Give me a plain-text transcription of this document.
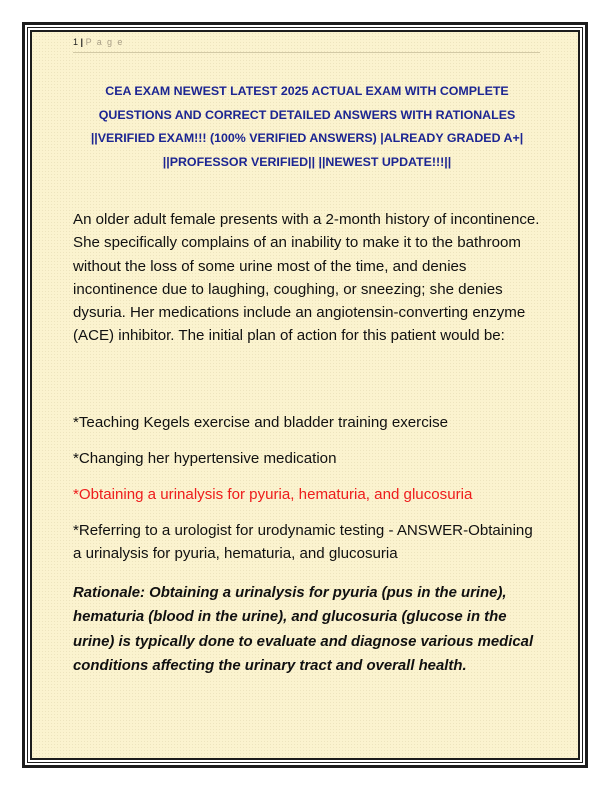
1 | P a g e
CEA EXAM NEWEST LATEST 2025 ACTUAL EXAM WITH COMPLETE QUESTIONS AND CORRECT DETAILED ANSWERS WITH RATIONALES ||VERIFIED EXAM!!! (100% VERIFIED ANSWERS) |ALREADY GRADED A+| ||PROFESSOR VERIFIED|| ||NEWEST UPDATE!!!||
An older adult female presents with a 2-month history of incontinence. She specifically complains of an inability to make it to the bathroom without the loss of some urine most of the time, and denies incontinence due to laughing, coughing, or sneezing; she denies dysuria. Her medications include an angiotensin-converting enzyme (ACE) inhibitor. The initial plan of action for this patient would be:
*Teaching Kegels exercise and bladder training exercise
*Changing her hypertensive medication
*Obtaining a urinalysis for pyuria, hematuria, and glucosuria
*Referring to a urologist for urodynamic testing - ANSWER-Obtaining a urinalysis for pyuria, hematuria, and glucosuria
Rationale: Obtaining a urinalysis for pyuria (pus in the urine), hematuria (blood in the urine), and glucosuria (glucose in the urine) is typically done to evaluate and diagnose various medical conditions affecting the urinary tract and overall health.
